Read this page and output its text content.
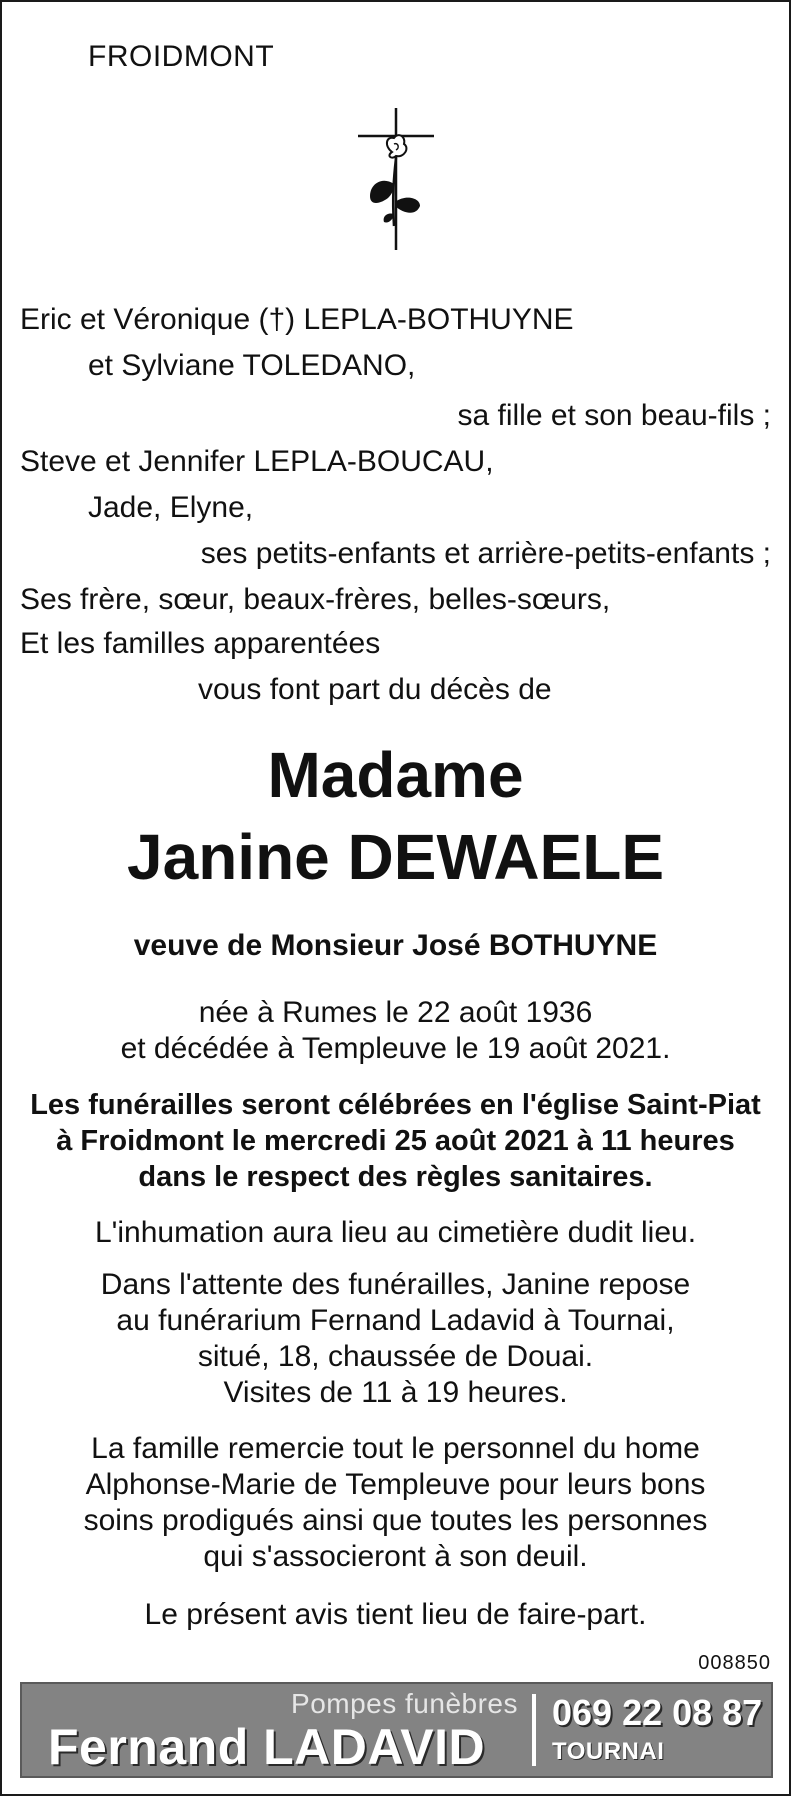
FROIDMONT
Eric et Véronique (†) LEPLA-BOTHUYNE
et Sylviane TOLEDANO,
sa fille et son beau-fils ;
Steve et Jennifer LEPLA-BOUCAU,
Jade, Elyne,
ses petits-enfants et arrière-petits-enfants ;
Ses frère, sœur, beaux-frères, belles-sœurs,
Et les familles apparentées
vous font part du décès de
Madame
Janine DEWAELE
veuve de Monsieur José BOTHUYNE
née à Rumes le 22 août 1936
et décédée à Templeuve le 19 août 2021.
Les funérailles seront célébrées en l'église Saint-Piat
à Froidmont le mercredi 25 août 2021 à 11 heures
dans le respect des règles sanitaires.
L'inhumation aura lieu au cimetière dudit lieu.
Dans l'attente des funérailles, Janine repose
au funérarium Fernand Ladavid à Tournai,
situé, 18, chaussée de Douai.
Visites de 11 à 19 heures.
La famille remercie tout le personnel du home
Alphonse-Marie de Templeuve pour leurs bons
soins prodigués ainsi que toutes les personnes
qui s'associeront à son deuil.
Le présent avis tient lieu de faire-part.
008850
Pompes funèbres
Fernand LADAVID
069 22 08 87
TOURNAI
